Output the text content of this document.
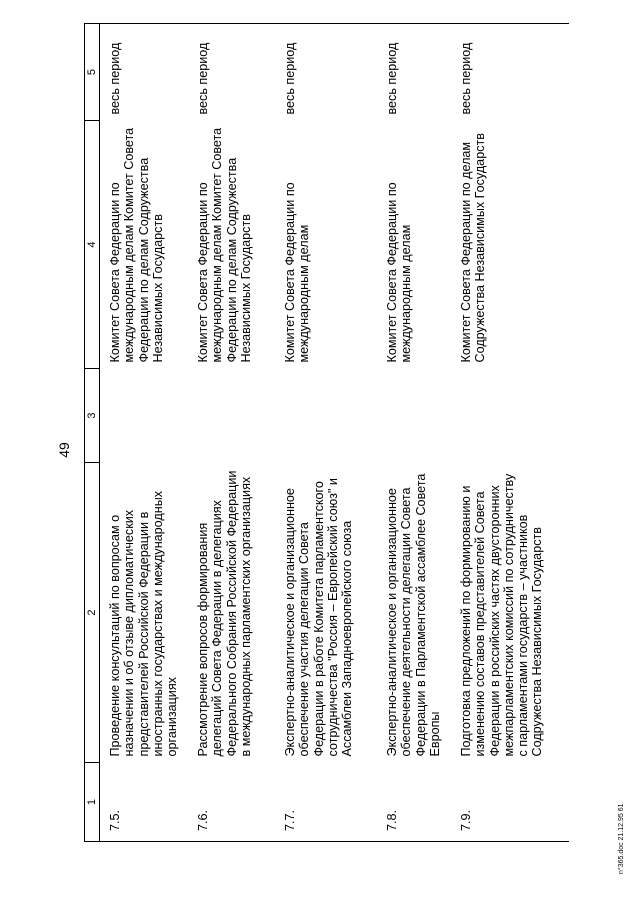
49
1	2	3	4	5
7.5.	Проведение консультаций по вопросам о назначении и об отзыве дипломатических представителей Российской Федерации в иностранных государствах и международных организациях		Комитет Совета Федерации по международным делам Комитет Совета Федерации по делам Содружества Независимых Государств	весь период
7.6.	Рассмотрение вопросов формирования делегаций Совета Федерации в делегациях Федерального Собрания Российской Федерации в международных парламентских организациях		Комитет Совета Федерации по международным делам Комитет Совета Федерации по делам Содружества Независимых Государств	весь период
7.7.	Экспертно-аналитическое и организационное обеспечение участия делегации Совета Федерации в работе Комитета парламентского сотрудничества "Россия – Европейский союз" и Ассамблеи Западноевропейского союза		Комитет Совета Федерации по международным делам	весь период
7.8.	Экспертно-аналитическое и организационное обеспечение деятельности делегации Совета Федерации в Парламентской ассамблее Совета Европы		Комитет Совета Федерации по международным делам	весь период
7.9.	Подготовка предложений по формированию и изменению составов представителей Совета Федерации в российских частях двусторонних межпарламентских комиссий по сотрудничеству с парламентами государств – участников Содружества Независимых Государств		Комитет Совета Федерации по делам Содружества Независимых Государств	весь период
n°365.doc 21.12.95 61
